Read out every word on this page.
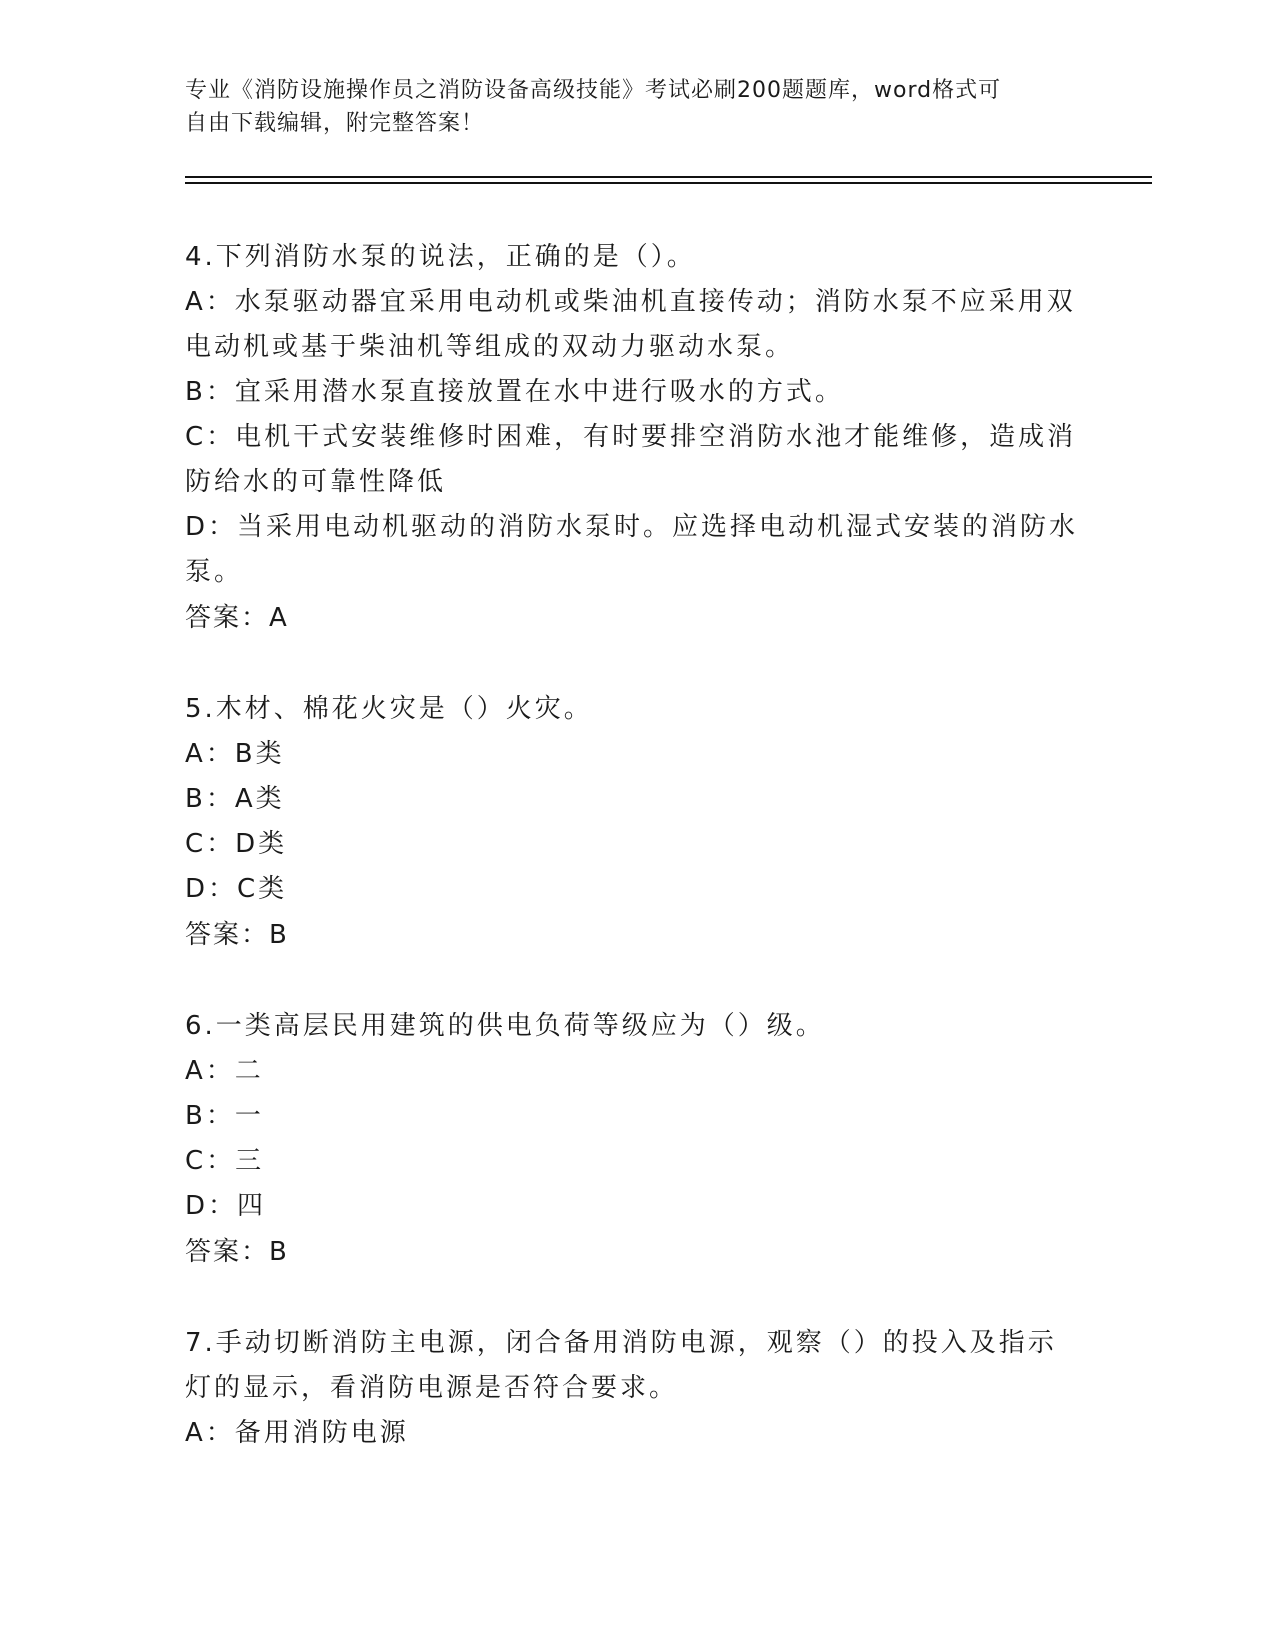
专业《消防设施操作员之消防设备高级技能》考试必刷200题题库，word格式可
自由下载编辑，附完整答案！
4.下列消防水泵的说法，正确的是（）。
A：水泵驱动器宜采用电动机或柴油机直接传动；消防水泵不应采用双电动机或基于柴油机等组成的双动力驱动水泵。
B：宜采用潜水泵直接放置在水中进行吸水的方式。
C：电机干式安装维修时困难，有时要排空消防水池才能维修，造成消防给水的可靠性降低
D：当采用电动机驱动的消防水泵时。应选择电动机湿式安装的消防水泵。
答案：A
5.木材、棉花火灾是（）火灾。
A：B类
B：A类
C：D类
D：C类
答案：B
6.一类高层民用建筑的供电负荷等级应为（）级。
A：二
B：一
C：三
D：四
答案：B
7.手动切断消防主电源，闭合备用消防电源，观察（）的投入及指示灯的显示，看消防电源是否符合要求。
A：备用消防电源
